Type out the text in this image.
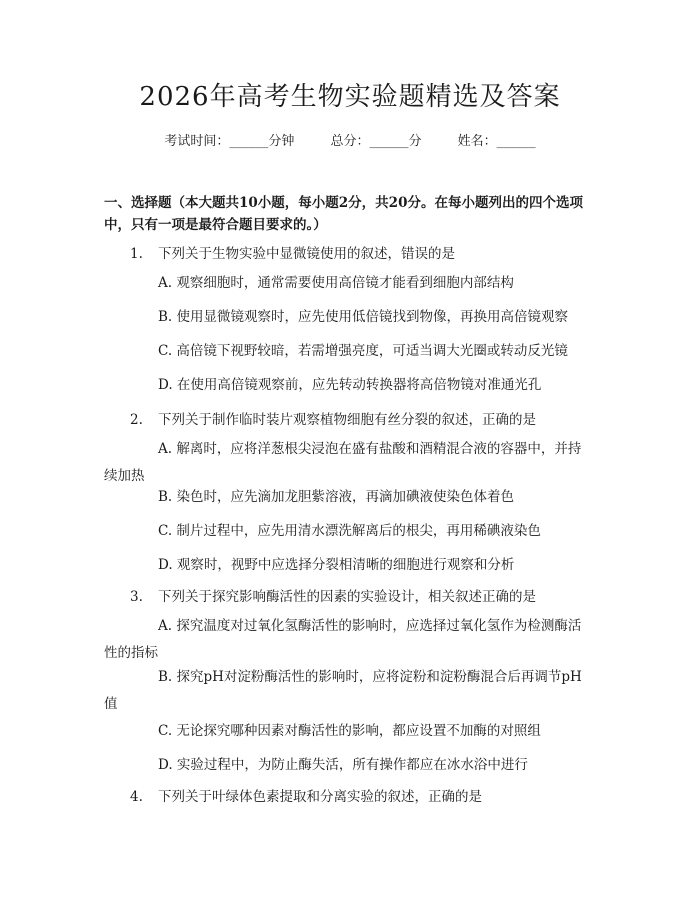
2026年高考生物实验题精选及答案
考试时间：______分钟	总分：______分	姓名：______
一、选择题（本大题共10小题，每小题2分，共20分。在每小题列出的四个选项中，只有一项是最符合题目要求的。）
1. 下列关于生物实验中显微镜使用的叙述，错误的是
A. 观察细胞时，通常需要使用高倍镜才能看到细胞内部结构
B. 使用显微镜观察时，应先使用低倍镜找到物像，再换用高倍镜观察
C. 高倍镜下视野较暗，若需增强亮度，可适当调大光圈或转动反光镜
D. 在使用高倍镜观察前，应先转动转换器将高倍物镜对准通光孔
2. 下列关于制作临时装片观察植物细胞有丝分裂的叙述，正确的是
A. 解离时，应将洋葱根尖浸泡在盛有盐酸和酒精混合液的容器中，并持续加热
B. 染色时，应先滴加龙胆紫溶液，再滴加碘液使染色体着色
C. 制片过程中，应先用清水漂洗解离后的根尖，再用稀碘液染色
D. 观察时，视野中应选择分裂相清晰的细胞进行观察和分析
3. 下列关于探究影响酶活性的因素的实验设计，相关叙述正确的是
A. 探究温度对过氧化氢酶活性的影响时，应选择过氧化氢作为检测酶活性的指标
B. 探究pH对淀粉酶活性的影响时，应将淀粉和淀粉酶混合后再调节pH值
C. 无论探究哪种因素对酶活性的影响，都应设置不加酶的对照组
D. 实验过程中，为防止酶失活，所有操作都应在冰水浴中进行
4. 下列关于叶绿体色素提取和分离实验的叙述，正确的是
